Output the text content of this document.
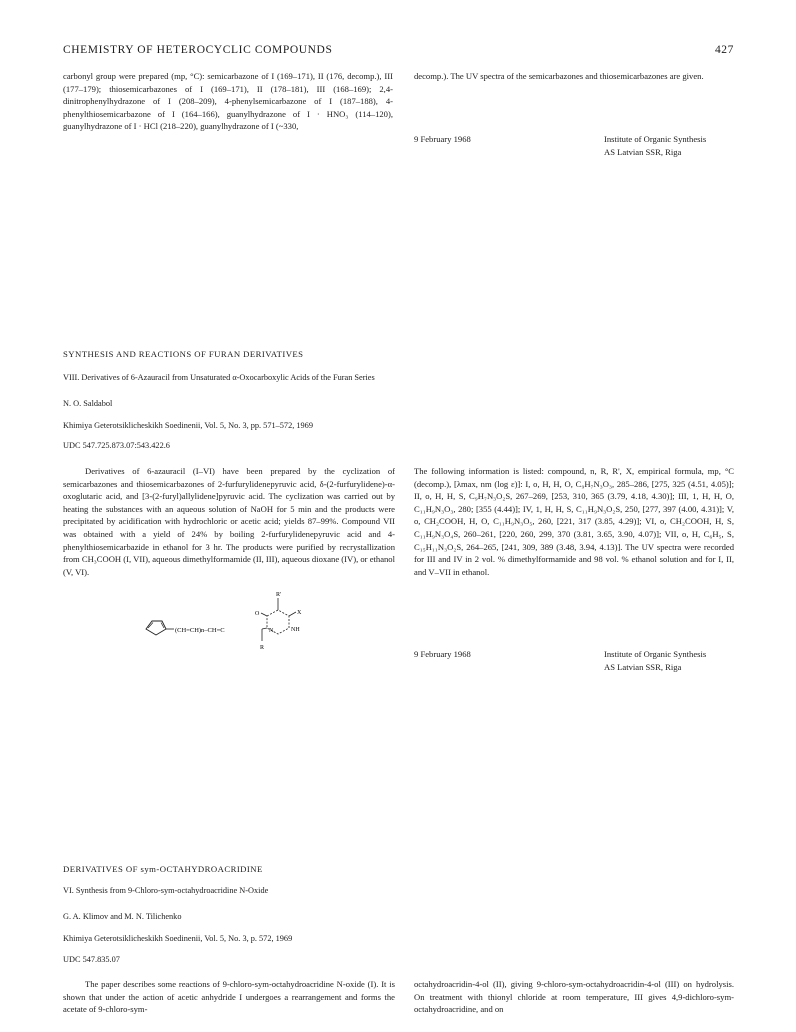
CHEMISTRY OF HETEROCYCLIC COMPOUNDS	427

carbonyl group were prepared (mp, °C): semicarbazone of I (169–171), II (176, decomp.), III (177–179); thiosemicarbazones of I (169–171), II (178–181), III (168–169); 2,4-dinitrophenylhydrazone of I (208–209), 4-phenylsemicarbazone of I (187–188), 4-phenylthiosemicarbazone of I (164–166), guanylhydrazone of I · HNO₃ (114–120), guanylhydrazone of I · HCl (218–220), guanylhydrazone of I (~330,

decomp.). The UV spectra of the semicarbazones and thiosemicarbazones are given.

9 February 1968	Institute of Organic Synthesis
AS Latvian SSR, Riga
SYNTHESIS AND REACTIONS OF FURAN DERIVATIVES
VIII. Derivatives of 6-Azauracil from Unsaturated α-Oxocarboxylic Acids of the Furan Series
N. O. Saldabol
Khimiya Geterotsiklicheskikh Soedinenii, Vol. 5, No. 3, pp. 571–572, 1969
UDC 547.725.873.07:543.422.6

Derivatives of 6-azauracil (I–VI) have been prepared by the cyclization of semicarbazones and thiosemicarbazones of 2-furfurylidenepyruvic acid, δ-(2-furfurylidene)-α-oxoglutaric acid, and [3-(2-furyl)allylidene]pyruvic acid. The cyclization was carried out by heating the substances with an aqueous solution of NaOH for 5 min and the products were precipitated by acidification with hydrochloric or acetic acid; yields 87–99%. Compound VII was obtained with a yield of 24% by boiling 2-furfurylidenepyruvic acid and 4-phenylthiosemicarbazide in ethanol for 3 hr. The products were purified by recrystallization from CH₃COOH (I, VII), aqueous dimethylformamide (II, III), aqueous dioxane (IV), or ethanol (V, VI).

The following information is listed: compound, n, R, R', X, empirical formula, mp, °C (decomp.), [λmax, nm (log ε)]: I, o, H, H, O, C₉H₇N₃O₃, 285–286, [275, 325 (4.51, 4.05)]; II, o, H, H, S, C₉H₇N₃O₂S, 267–269, [253, 310, 365 (3.79, 4.18, 4.30)]; III, 1, H, H, O, C₁₁H₉N₃O₃, 280; [355 (4.44)]; IV, 1, H, H, S, C₁₁H₉N₃O₂S, 250, [277, 397 (4.00, 4.31)]; V, o, CH₂COOH, H, O, C₁₁H₉N₃O₅, 260, [221, 317 (3.85, 4.29)]; VI, o, CH₂COOH, H, S, C₁₁H₉N₃O₄S, 260–261, [220, 260, 299, 370 (3.81, 3.65, 3.90, 4.07)]; VII, o, H, C₆H₅, S, C₁₅H₁₁N₃O₂S, 264–265, [241, 309, 389 (3.48, 3.94, 4.13)]. The UV spectra were recorded for III and IV in 2 vol. % dimethylformamide and 98 vol. % ethanol solution and for I, II, and V–VII in ethanol.

(CH=CH)n–CH=C
R'
O	X
N	NH
R
9 February 1968	Institute of Organic Synthesis
AS Latvian SSR, Riga
DERIVATIVES OF sym-OCTAHYDROACRIDINE
VI. Synthesis from 9-Chloro-sym-octahydroacridine N-Oxide
G. A. Klimov and M. N. Tilichenko
Khimiya Geterotsiklicheskikh Soedinenii, Vol. 5, No. 3, p. 572, 1969
UDC 547.835.07

The paper describes some reactions of 9-chloro-sym-octahydroacridine N-oxide (I). It is shown that under the action of acetic anhydride I undergoes a rearrangement and forms the acetate of 9-chloro-sym-

octahydroacridin-4-ol (II), giving 9-chloro-sym-octahydroacridin-4-ol (III) on hydrolysis. On treatment with thionyl chloride at room temperature, III gives 4,9-dichloro-sym-octahydroacridine, and on
